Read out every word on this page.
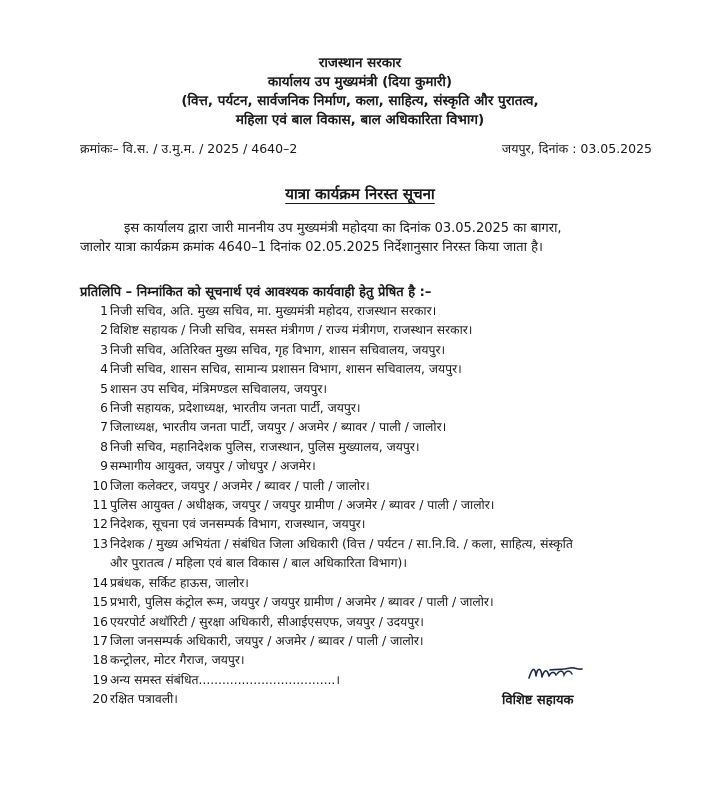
राजस्थान सरकार
कार्यालय उप मुख्यमंत्री (दिया कुमारी)
(वित्त, पर्यटन, सार्वजनिक निर्माण, कला, साहित्य, संस्कृति और पुरातत्व,
महिला एवं बाल विकास, बाल अधिकारिता विभाग)
क्रमांकः– वि.स. / उ.मु.म. / 2025 / 4640–2	जयपुर, दिनांक : 03.05.2025
यात्रा कार्यक्रम निरस्त सूचना
इस कार्यालय द्वारा जारी माननीय उप मुख्यमंत्री महोदया का दिनांक 03.05.2025 का बागरा,
जालोर यात्रा कार्यक्रम क्रमांक 4640–1 दिनांक 02.05.2025 निर्देशानुसार निरस्त किया जाता है।
प्रतिलिपि – निम्नांकित को सूचनार्थ एवं आवश्यक कार्यवाही हेतु प्रेषित है :–
1 निजी सचिव, अति. मुख्य सचिव, मा. मुख्यमंत्री महोदय, राजस्थान सरकार।
2 विशिष्ट सहायक / निजी सचिव, समस्त मंत्रीगण / राज्य मंत्रीगण, राजस्थान सरकार।
3 निजी सचिव, अतिरिक्त मुख्य सचिव, गृह विभाग, शासन सचिवालय, जयपुर।
4 निजी सचिव, शासन सचिव, सामान्य प्रशासन विभाग, शासन सचिवालय, जयपुर।
5 शासन उप सचिव, मंत्रिमण्डल सचिवालय, जयपुर।
6 निजी सहायक, प्रदेशाध्यक्ष, भारतीय जनता पार्टी, जयपुर।
7 जिलाध्यक्ष, भारतीय जनता पार्टी, जयपुर / अजमेर / ब्यावर / पाली / जालोर।
8 निजी सचिव, महानिदेशक पुलिस, राजस्थान, पुलिस मुख्यालय, जयपुर।
9 सम्भागीय आयुक्त, जयपुर / जोधपुर / अजमेर।
10 जिला कलेक्टर, जयपुर / अजमेर / ब्यावर / पाली / जालोर।
11 पुलिस आयुक्त / अधीक्षक, जयपुर / जयपुर ग्रामीण / अजमेर / ब्यावर / पाली / जालोर।
12 निदेशक, सूचना एवं जनसम्पर्क विभाग, राजस्थान, जयपुर।
13 निदेशक / मुख्य अभियंता / संबंधित जिला अधिकारी (वित्त / पर्यटन / सा.नि.वि. / कला, साहित्य, संस्कृति
और पुरातत्व / महिला एवं बाल विकास / बाल अधिकारिता विभाग)।
14 प्रबंधक, सर्किट हाऊस, जालोर।
15 प्रभारी, पुलिस कंट्रोल रूम, जयपुर / जयपुर ग्रामीण / अजमेर / ब्यावर / पाली / जालोर।
16 एयरपोर्ट अथॉरिटी / सुरक्षा अधिकारी, सीआईएसएफ, जयपुर / उदयपुर।
17 जिला जनसम्पर्क अधिकारी, जयपुर / अजमेर / ब्यावर / पाली / जालोर।
18 कन्ट्रोलर, मोटर गैराज, जयपुर।
19 अन्य समस्त संबंधित...................................।
20 रक्षित पत्रावली।	विशिष्ट सहायक
